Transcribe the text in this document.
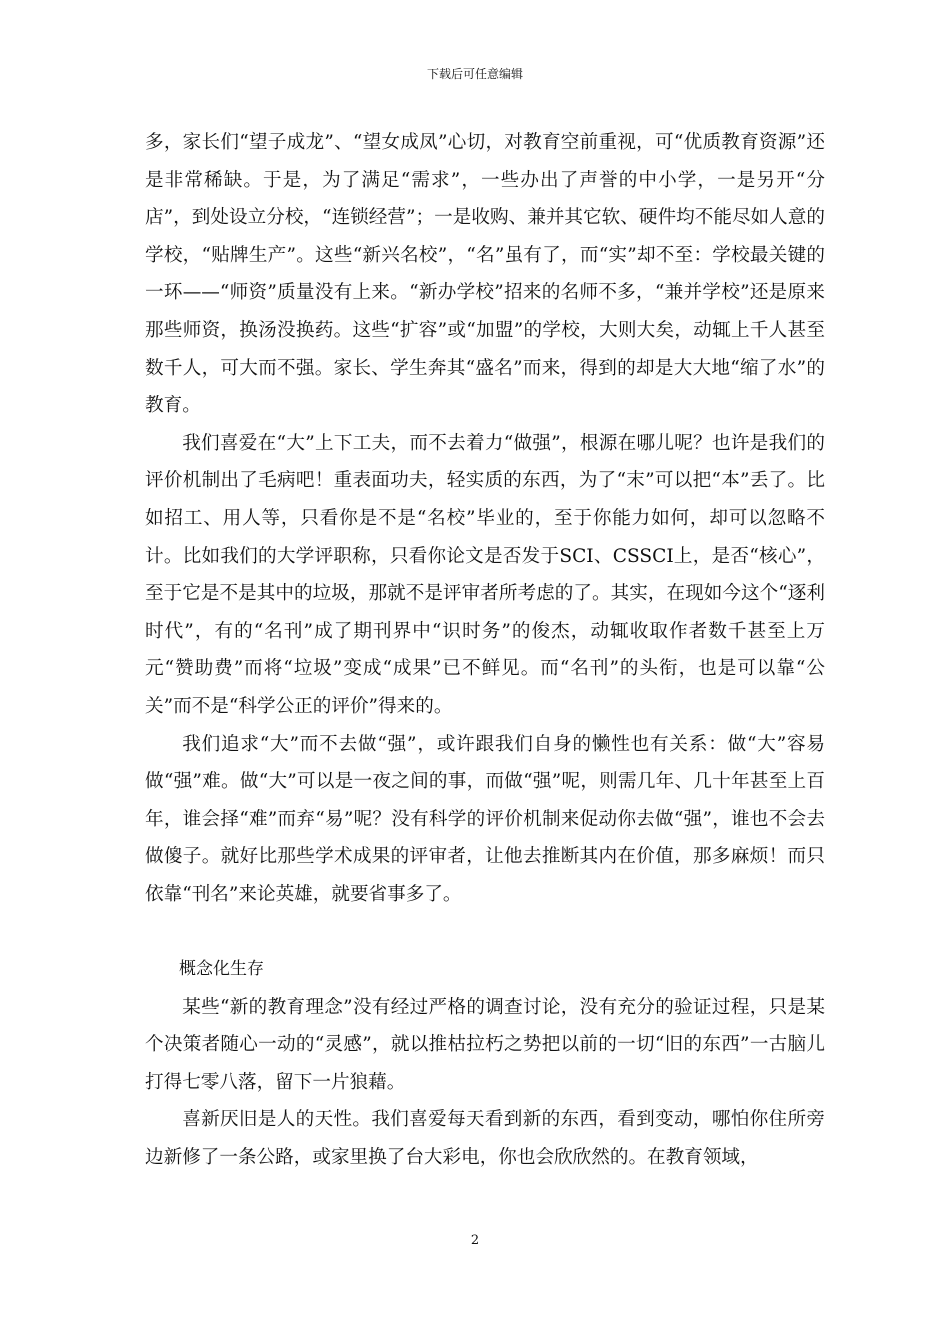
下载后可任意编辑

多，家长们“望子成龙”、“望女成凤”心切，对教育空前重视，可“优质教育资源”还是非常稀缺。于是，为了满足“需求”，一些办出了声誉的中小学，一是另开“分店”，到处设立分校，“连锁经营”；一是收购、兼并其它软、硬件均不能尽如人意的学校，“贴牌生产”。这些“新兴名校”，“名”虽有了，而“实”却不至：学校最关键的一环——“师资”质量没有上来。“新办学校”招来的名师不多，“兼并学校”还是原来那些师资，换汤没换药。这些“扩容”或“加盟”的学校，大则大矣，动辄上千人甚至数千人，可大而不强。家长、学生奔其“盛名”而来，得到的却是大大地“缩了水”的教育。

我们喜爱在“大”上下工夫，而不去着力“做强”，根源在哪儿呢？也许是我们的评价机制出了毛病吧！重表面功夫，轻实质的东西，为了“末”可以把“本”丢了。比如招工、用人等，只看你是不是“名校”毕业的，至于你能力如何，却可以忽略不计。比如我们的大学评职称，只看你论文是否发于SCI、CSSCI上，是否“核心”，至于它是不是其中的垃圾，那就不是评审者所考虑的了。其实，在现如今这个“逐利时代”，有的“名刊”成了期刊界中“识时务”的俊杰，动辄收取作者数千甚至上万元“赞助费”而将“垃圾”变成“成果”已不鲜见。而“名刊”的头衔，也是可以靠“公关”而不是“科学公正的评价”得来的。

我们追求“大”而不去做“强”，或许跟我们自身的懒性也有关系：做“大”容易做“强”难。做“大”可以是一夜之间的事，而做“强”呢，则需几年、几十年甚至上百年，谁会择“难”而弃“易”呢？没有科学的评价机制来促动你去做“强”，谁也不会去做傻子。就好比那些学术成果的评审者，让他去推断其内在价值，那多麻烦！而只依靠“刊名”来论英雄，就要省事多了。

概念化生存

某些“新的教育理念”没有经过严格的调查讨论，没有充分的验证过程，只是某个决策者随心一动的“灵感”，就以推枯拉朽之势把以前的一切“旧的东西”一古脑儿打得七零八落，留下一片狼藉。

喜新厌旧是人的天性。我们喜爱每天看到新的东西，看到变动，哪怕你住所旁边新修了一条公路，或家里换了台大彩电，你也会欣欣然的。在教育领域，

2
